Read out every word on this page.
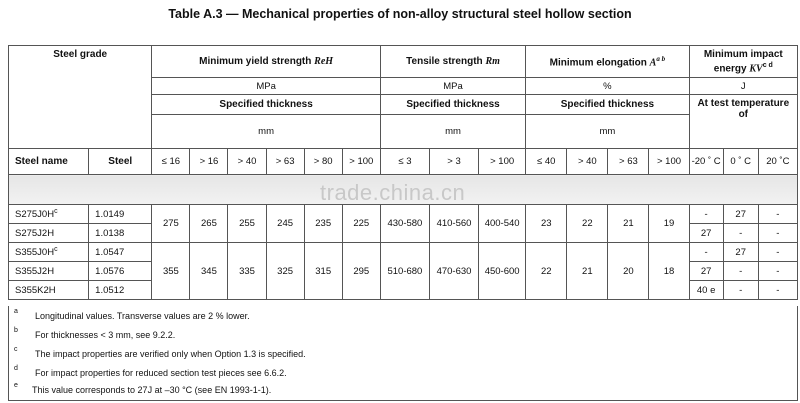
Table A.3 — Mechanical properties of non-alloy structural steel hollow section
Steel grade		Minimum yield strength ReH						Tensile strength Rm			Minimum elongation $A^{a b}$				Minimum impact energy $KV^{c d}$
		MPa						MPa			%				J		
		Specified thickness						Specified thickness			Specified thickness				At test temperature of		
		mm						mm			mm						
Steel name	Steel	≤ 16	> 16	> 40	> 63	> 80	> 100	≤ 3	> 3	> 100	≤ 40	> 40	> 63	> 100	-20 ˚ C	0 ˚ C	20 ˚C

$S275J0H^c$	1.0149	275	265	255	245	235	225	430-580	410-560	400-540	23	22	21	19	-	27	-
S275J2H	1.0138														27	-	-
$S355J0H^c$	1.0547	355	345	335	325	315	295	510-680	470-630	450-600	22	21	20	18	-	27	-
S355J2H	1.0576														27	-	-
S355K2H	1.0512														40 e	-	-
trade.china.cn
a Longitudinal values. Transverse values are 2 % lower.
b For thicknesses < 3 mm, see 9.2.2.
c The impact properties are verified only when Option 1.3 is specified.
d For impact properties for reduced section test pieces see 6.6.2.
e This value corresponds to 27J at –30 °C (see EN 1993-1-1).
